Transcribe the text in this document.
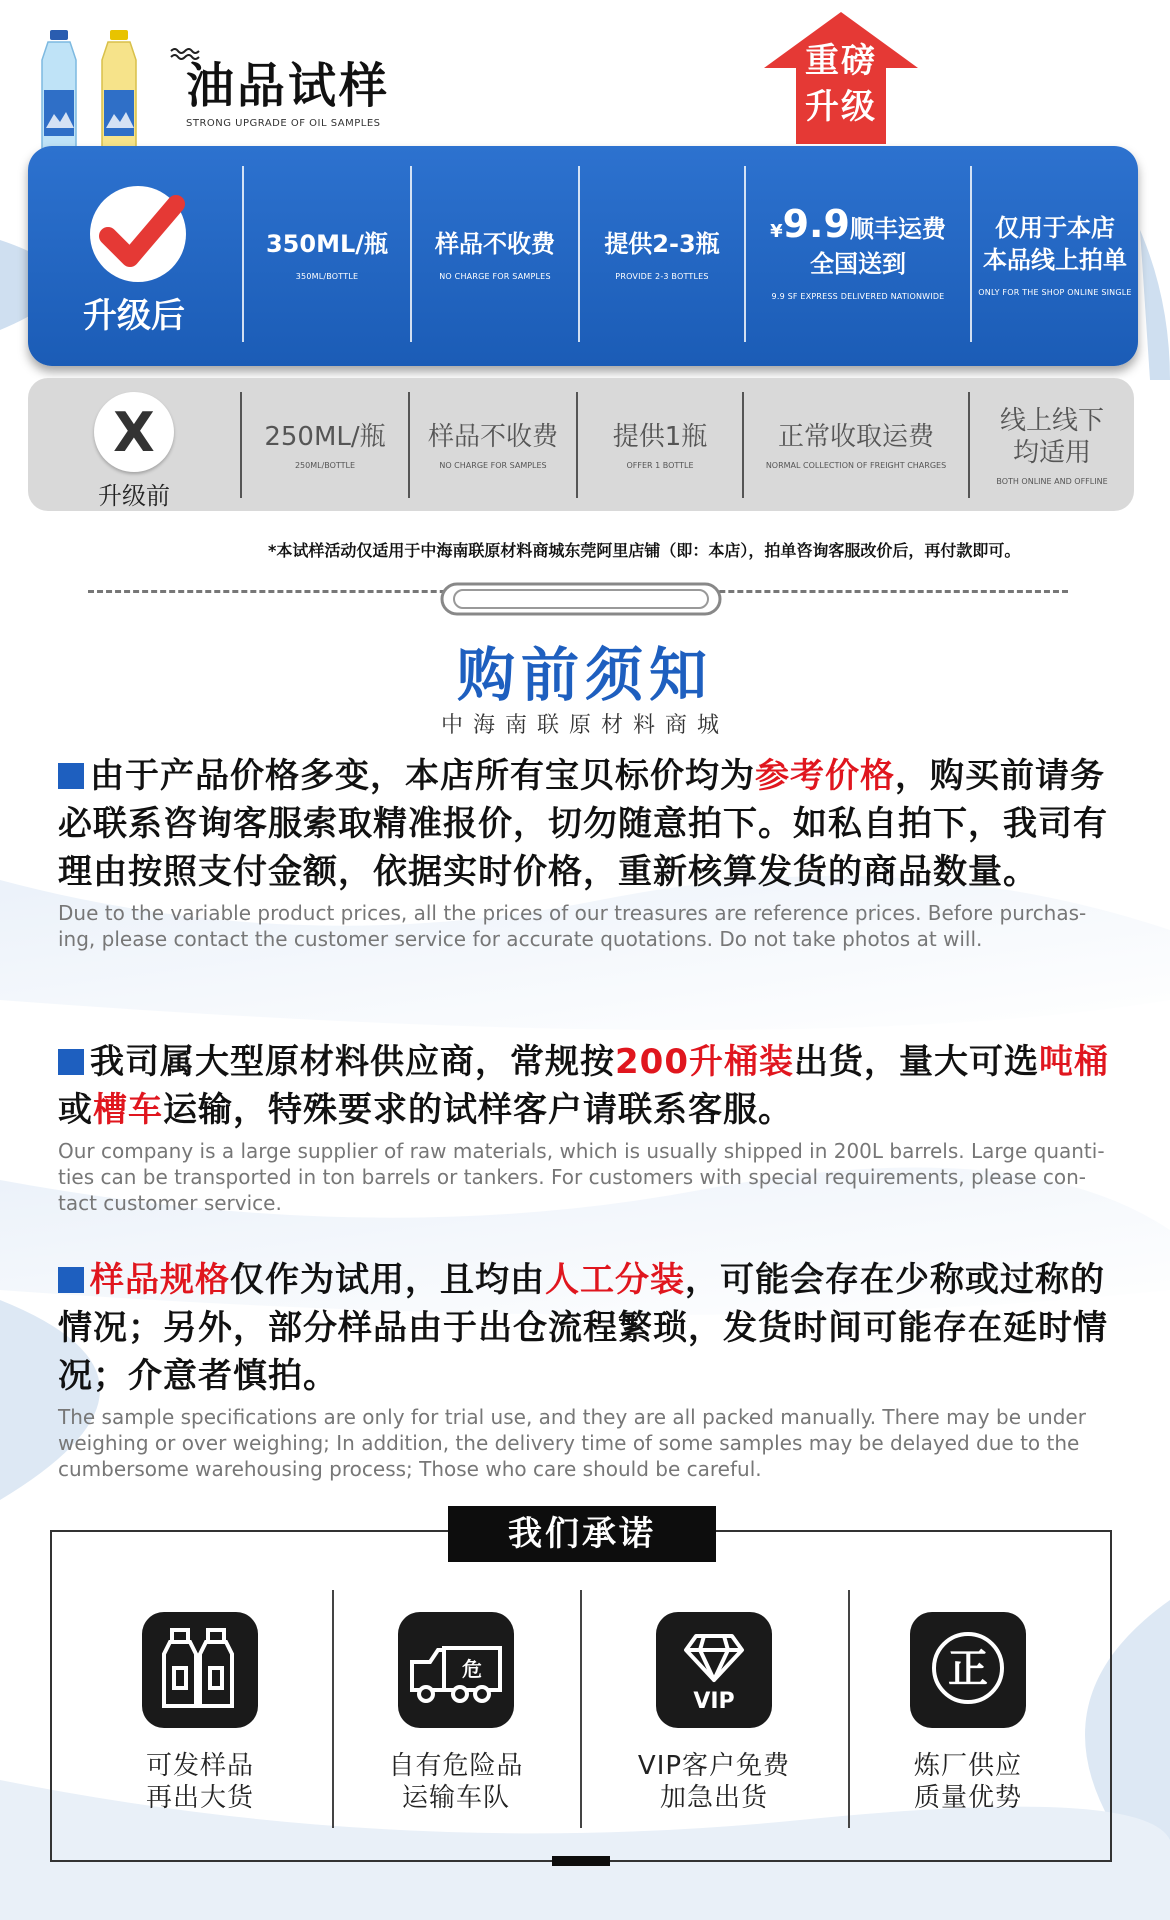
油品试样
STRONG UPGRADE OF OIL SAMPLES
重磅
升级
升级后
350ML/瓶
350ML/BOTTLE
样品不收费
NO CHARGE FOR SAMPLES
提供2-3瓶
PROVIDE 2-3 BOTTLES
¥9.9顺丰运费
全国送到
9.9 SF EXPRESS DELIVERED NATIONWIDE
仅用于本店
本品线上拍单
ONLY FOR THE SHOP ONLINE SINGLE
X
升级前
250ML/瓶
250ML/BOTTLE
样品不收费
NO CHARGE FOR SAMPLES
提供1瓶
OFFER 1 BOTTLE
正常收取运费
NORMAL COLLECTION OF FREIGHT CHARGES
线上线下
均适用
BOTH ONLINE AND OFFLINE
*本试样活动仅适用于中海南联原材料商城东莞阿里店铺（即：本店），拍单咨询客服改价后，再付款即可。
购前须知
中海南联原材料商城
由于产品价格多变，本店所有宝贝标价均为参考价格，购买前请务必联系咨询客服索取精准报价，切勿随意拍下。如私自拍下，我司有理由按照支付金额，依据实时价格，重新核算发货的商品数量。
Due to the variable product prices, all the prices of our treasures are reference prices. Before purchas-ing, please contact the customer service for accurate quotations. Do not take photos at will.
我司属大型原材料供应商，常规按200升桶装出货，量大可选吨桶或槽车运输，特殊要求的试样客户请联系客服。
Our company is a large supplier of raw materials, which is usually shipped in 200L barrels. Large quanti-ties can be transported in ton barrels or tankers. For customers with special requirements, please con-tact customer service.
样品规格仅作为试用，且均由人工分装，可能会存在少称或过称的情况；另外，部分样品由于出仓流程繁琐，发货时间可能存在延时情况；介意者慎拍。
The sample specifications are only for trial use, and they are all packed manually. There may be under weighing or over weighing; In addition, the delivery time of some samples may be delayed due to the cumbersome warehousing process; Those who care should be careful.
我们承诺
可发样品
再出大货
危
自有危险品
运输车队
VIP
VIP客户免费
加急出货
正
炼厂供应
质量优势
